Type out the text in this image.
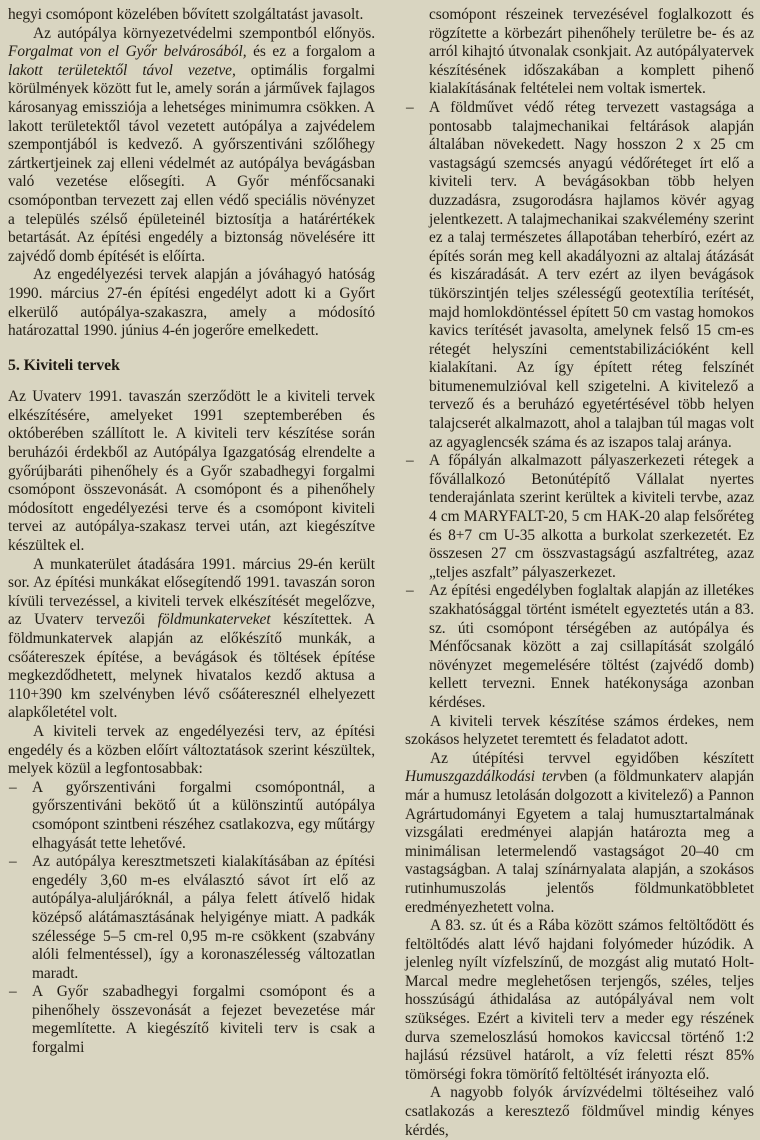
hegyi csomópont közelében bővített szolgáltatást javasolt.

Az autópálya környezetvédelmi szempontból előnyös. Forgalmat von el Győr belvárosából, és ez a forgalom a lakott területektől távol vezetve, optimális forgalmi körülmények között fut le, amely során a járművek fajlagos károsanyag emissziója a lehetséges minimumra csökken. A lakott területektől távol vezetett autópálya a zajvédelem szempontjából is kedvező. A győrszentiváni szőlőhegy zártkertjeinek zaj elleni védelmét az autópálya bevágásban való vezetése elősegíti. A Győr ménfőcsanaki csomópontban tervezett zaj ellen védő speciális növényzet a település szélső épületeinél biztosítja a határértékek betartását. Az építési engedély a biztonság növelésére itt zajvédő domb építését is előírta.

Az engedélyezési tervek alapján a jóváhagyó hatóság 1990. március 27-én építési engedélyt adott ki a Győrt elkerülő autópálya-szakaszra, amely a módosító határozattal 1990. június 4-én jogerőre emelkedett.

5. Kiviteli tervek

Az Uvaterv 1991. tavaszán szerződött le a kiviteli tervek elkészítésére, amelyeket 1991 szeptemberében és októberében szállított le. A kiviteli terv készítése során beruházói érdekből az Autópálya Igazgatóság elrendelte a győrújbaráti pihenőhely és a Győr szabadhegyi forgalmi csomópont összevonását. A csomópont és a pihenőhely módosított engedélyezési terve és a csomópont kiviteli tervei az autópálya-szakasz tervei után, azt kiegészítve készültek el.

A munkaterület átadására 1991. március 29-én került sor. Az építési munkákat elősegítendő 1991. tavaszán soron kívüli tervezéssel, a kiviteli tervek elkészítését megelőzve, az Uvaterv tervezői földmunkaterveket készítettek. A földmunkatervek alapján az előkészítő munkák, a csőátereszek építése, a bevágások és töltések építése megkezdődhetett, melynek hivatalos kezdő aktusa a 110+390 km szelvényben lévő csőáteresznél elhelyezett alapkőletétel volt.

A kiviteli tervek az engedélyezési terv, az építési engedély és a közben előírt változtatások szerint készültek, melyek közül a legfontosabbak:

– A győrszentiváni forgalmi csomópontnál, a győrszentiváni bekötő út a különszintű autópálya csomópont szintbeni részéhez csatlakozva, egy műtárgy elhagyását tette lehetővé.

– Az autópálya keresztmetszeti kialakításában az építési engedély 3,60 m-es elválasztó sávot írt elő az autópálya-aluljáróknál, a pálya felett átívelő hidak középső alátámasztásának helyigénye miatt. A padkák szélessége 5–5 cm-rel 0,95 m-re csökkent (szabvány alóli felmentéssel), így a koronaszélesség változatlan maradt.

– A Győr szabadhegyi forgalmi csomópont és a pihenőhely összevonását a fejezet bevezetése már megemlítette. A kiegészítő kiviteli terv is csak a forgalmi

csomópont részeinek tervezésével foglalkozott és rögzítette a körbezárt pihenőhely területre be- és az arról kihajtó útvonalak csonkjait. Az autópályatervek készítésének időszakában a komplett pihenő kialakításának feltételei nem voltak ismertek.

– A földművet védő réteg tervezett vastagsága a pontosabb talajmechanikai feltárások alapján általában növekedett. Nagy hosszon 2 x 25 cm vastagságú szemcsés anyagú védőréteget írt elő a kiviteli terv. A bevágásokban több helyen duzzadásra, zsugorodásra hajlamos kövér agyag jelentkezett. A talajmechanikai szakvélemény szerint ez a talaj természetes állapotában teherbíró, ezért az építés során meg kell akadályozni az altalaj átázását és kiszáradását. A terv ezért az ilyen bevágások tükörszintjén teljes szélességű geotextília terítését, majd homlokdöntéssel épített 50 cm vastag homokos kavics terítését javasolta, amelynek felső 15 cm-es rétegét helyszíni cementstabilizációként kell kialakítani. Az így épített réteg felszínét bitumenemulzióval kell szigetelni. A kivitelező a tervező és a beruházó egyetértésével több helyen talajcserét alkalmazott, ahol a talajban túl magas volt az agyaglencsék száma és az iszapos talaj aránya.

– A főpályán alkalmazott pályaszerkezeti rétegek a fővállalkozó Betonútépítő Vállalat nyertes tenderajánlata szerint kerültek a kiviteli tervbe, azaz 4 cm MARYFALT-20, 5 cm HAK-20 alap felsőréteg és 8+7 cm U-35 alkotta a burkolat szerkezetét. Ez összesen 27 cm összvastagságú aszfaltréteg, azaz „teljes aszfalt” pályaszerkezet.

– Az építési engedélyben foglaltak alapján az illetékes szakhatósággal történt ismételt egyeztetés után a 83. sz. úti csomópont térségében az autópálya és Ménfőcsanak között a zaj csillapítását szolgáló növényzet megemelésére töltést (zajvédő domb) kellett tervezni. Ennek hatékonysága azonban kérdéses.

A kiviteli tervek készítése számos érdekes, nem szokásos helyzetet teremtett és feladatot adott.

Az útépítési tervvel egyidőben készített Humuszgazdálkodási tervben (a földmunkaterv alapján már a humusz letolásán dolgozott a kivitelező) a Pannon Agrártudományi Egyetem a talaj humusztartalmának vizsgálati eredményei alapján határozta meg a minimálisan letermelendő vastagságot 20–40 cm vastagságban. A talaj színárnyalata alapján, a szokásos rutinhumuszolás jelentős földmunkatöbbletet eredményezhetett volna.

A 83. sz. út és a Rába között számos feltöltődött és feltöltődés alatt lévő hajdani folyómeder húzódik. A jelenleg nyílt vízfelszínű, de mozgást alig mutató Holt-Marcal medre meglehetősen terjengős, széles, teljes hosszúságú áthidalása az autópályával nem volt szükséges. Ezért a kiviteli terv a meder egy részének durva szemeloszlású homokos kaviccsal történő 1:2 hajlású rézsüvel határolt, a víz feletti részt 85% tömörségi fokra tömörítő feltöltését irányozta elő.

A nagyobb folyók árvízvédelmi töltéseihez való csatlakozás a keresztező földművel mindig kényes kérdés,
